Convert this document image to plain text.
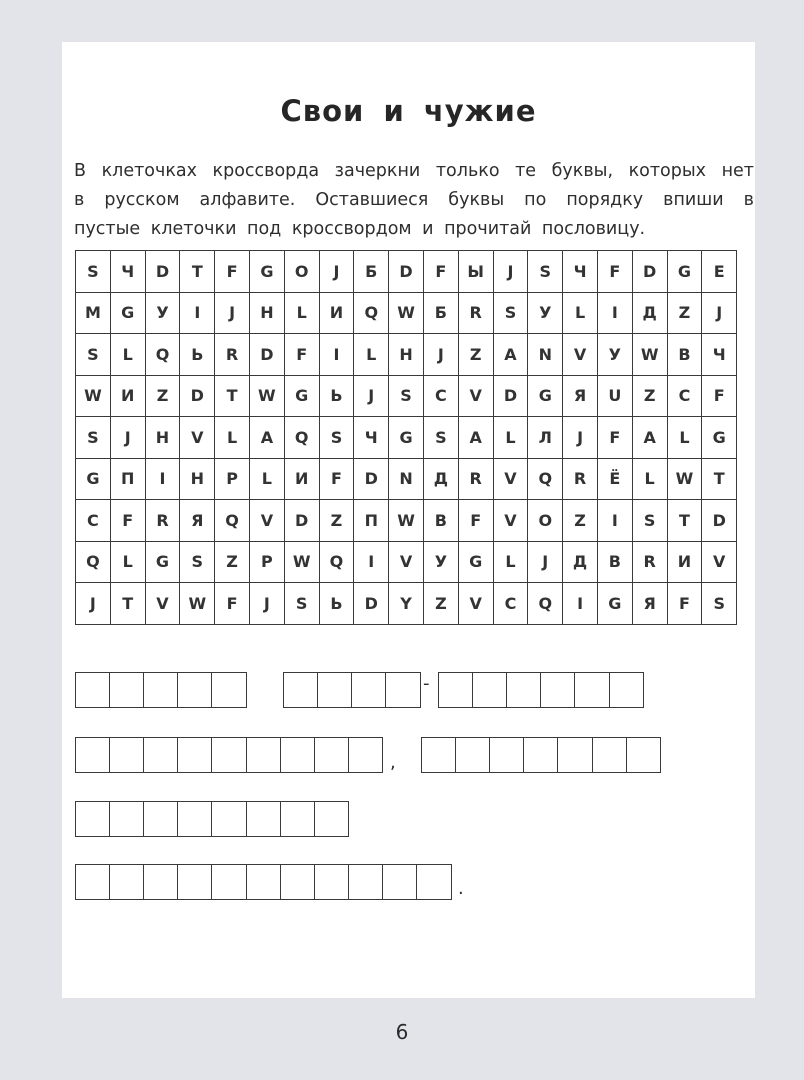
Свои и чужие
В клеточках кроссворда зачеркни только те буквы, которых нет
в русском алфавите. Оставшиеся буквы по порядку впиши в
пустые клеточки под кроссвордом и прочитай пословицу.
S	Ч	D	T	F	G	O	J	Б	D	F	Ы	J	S	Ч	F	D	G	E
M	G	У	I	J	H	L	И	Q	W	Б	R	S	У	L	I	Д	Z	J
S	L	Q	Ь	R	D	F	I	L	H	J	Z	A	N	V	У	W	B	Ч
W	И	Z	D	T	W	G	Ь	J	S	C	V	D	G	Я	U	Z	C	F
S	J	H	V	L	A	Q	S	Ч	G	S	A	L	Л	J	F	A	L	G
G	П	I	H	P	L	И	F	D	N	Д	R	V	Q	R	Ё	L	W	T
C	F	R	Я	Q	V	D	Z	П	W	B	F	V	O	Z	I	S	T	D
Q	L	G	S	Z	P	W	Q	I	V	У	G	L	J	Д	B	R	И	V
J	T	V	W	F	J	S	Ь	D	Y	Z	V	C	Q	I	G	Я	F	S
-
,
.
6
